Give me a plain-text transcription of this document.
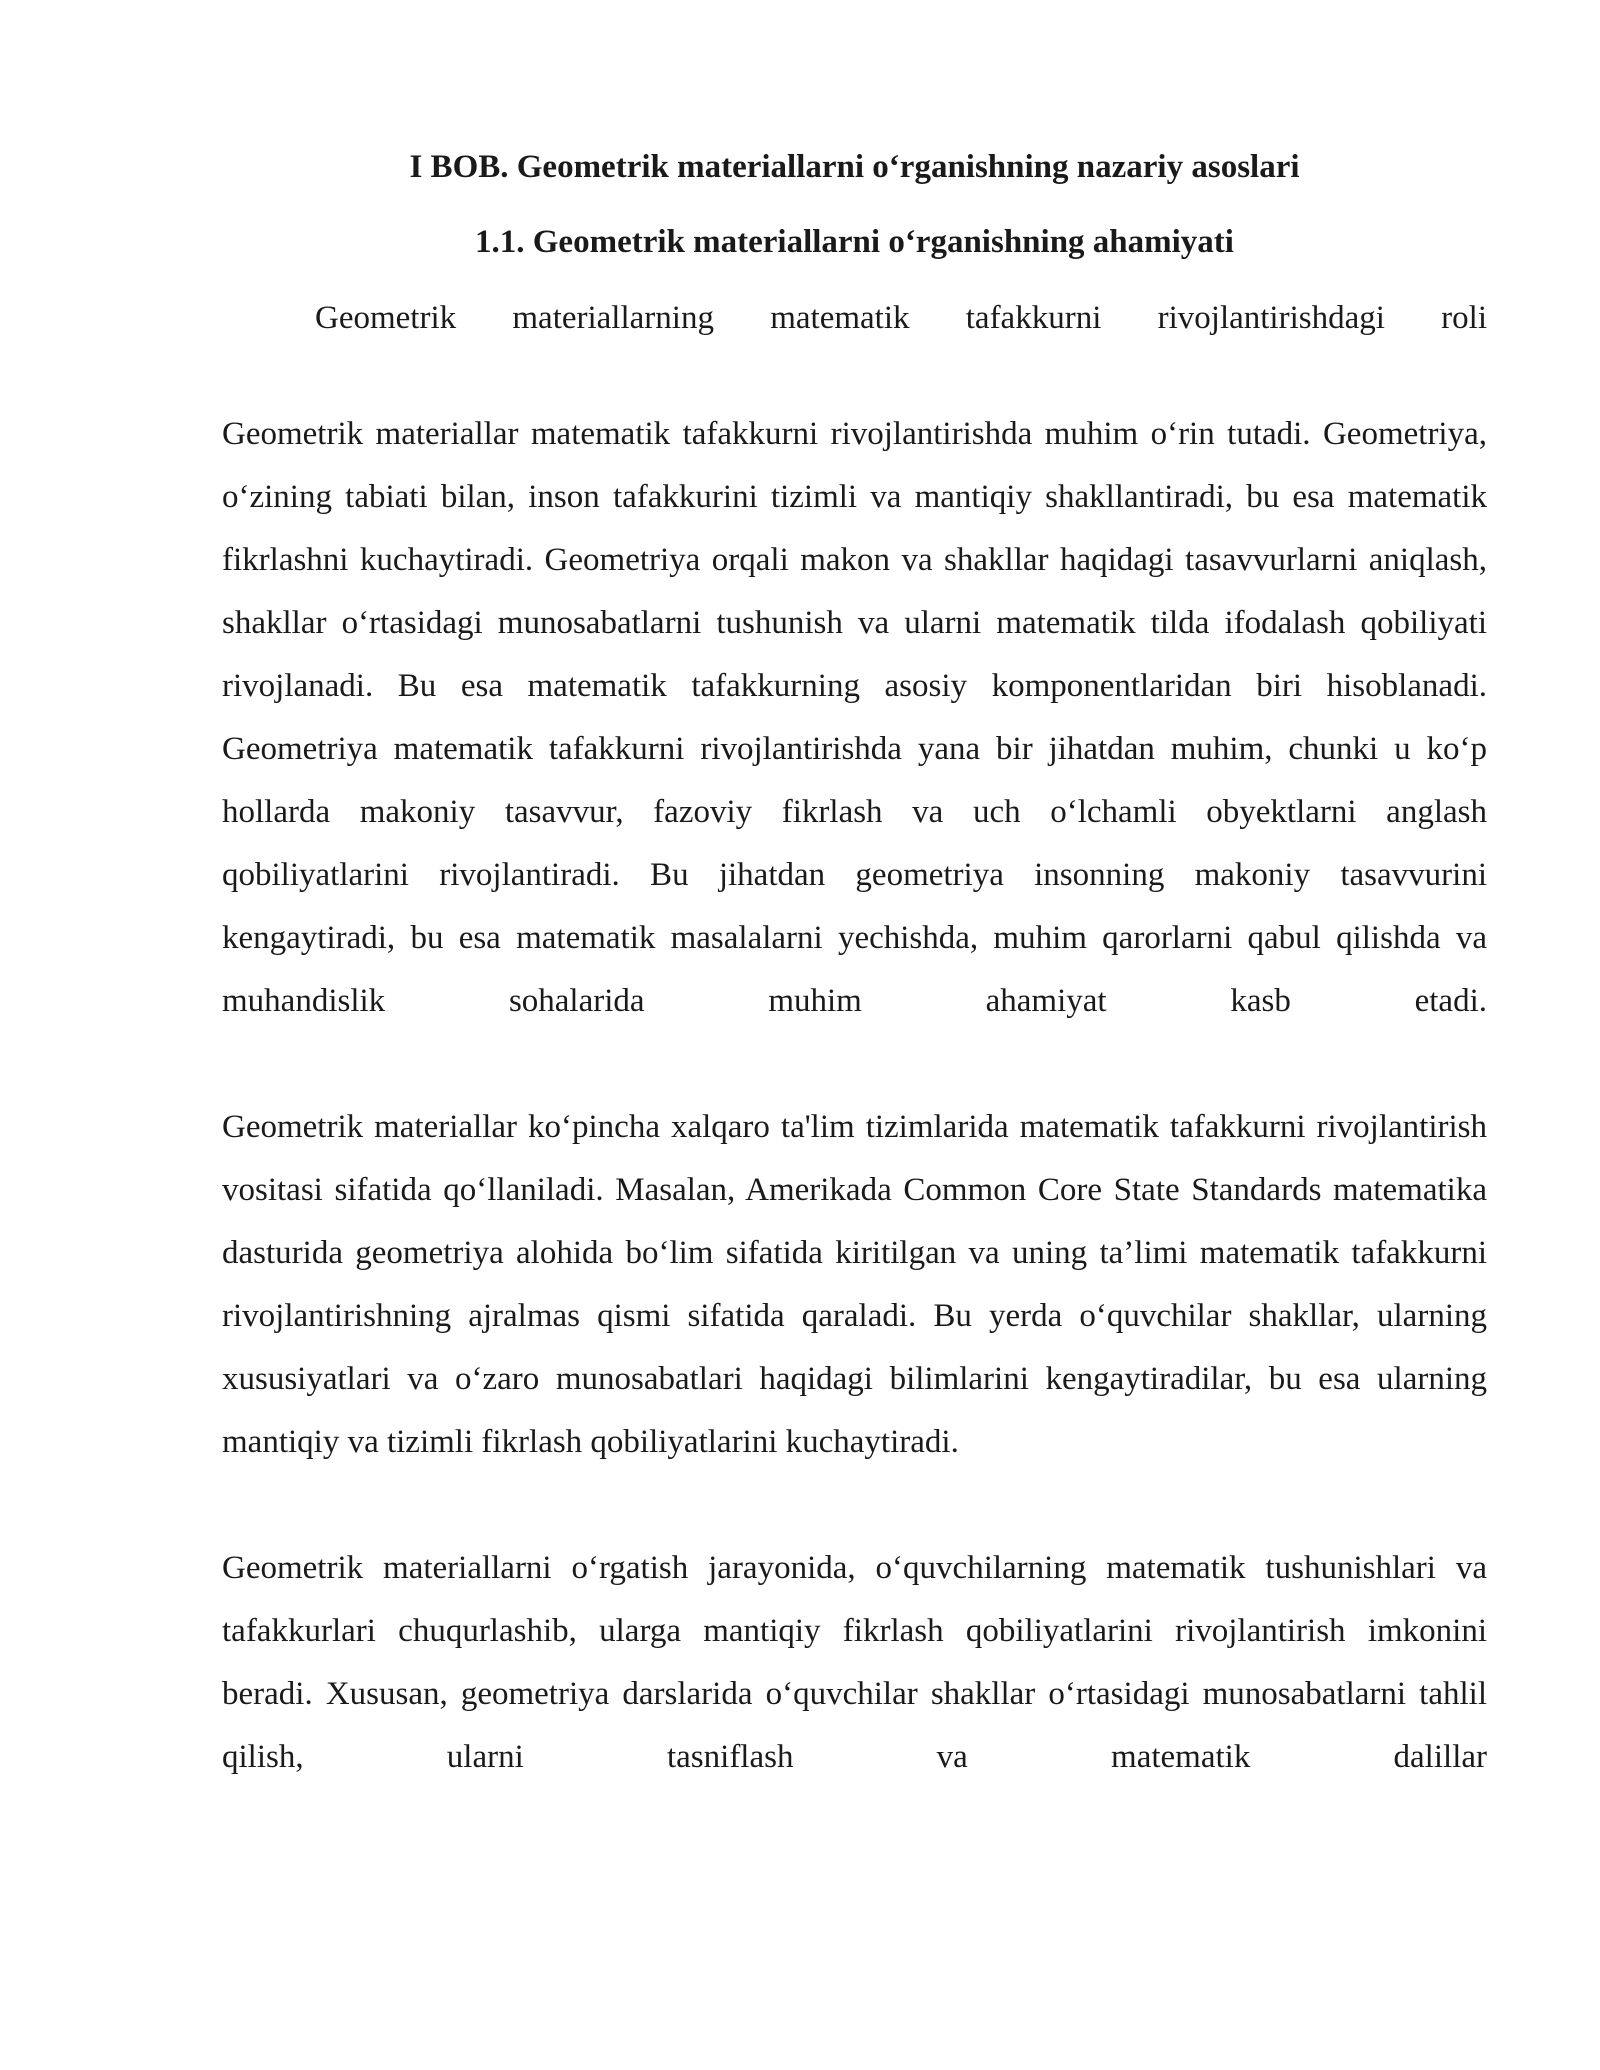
I BOB. Geometrik materiallarni o‘rganishning nazariy asoslari
1.1. Geometrik materiallarni o‘rganishning ahamiyati

Geometrik materiallarning matematik tafakkurni rivojlantirishdagi roli

Geometrik materiallar matematik tafakkurni rivojlantirishda muhim o‘rin tutadi. Geometriya, o‘zining tabiati bilan, inson tafakkurini tizimli va mantiqiy shakllantiradi, bu esa matematik fikrlashni kuchaytiradi. Geometriya orqali makon va shakllar haqidagi tasavvurlarni aniqlash, shakllar o‘rtasidagi munosabatlarni tushunish va ularni matematik tilda ifodalash qobiliyati rivojlanadi. Bu esa matematik tafakkurning asosiy komponentlaridan biri hisoblanadi. Geometriya matematik tafakkurni rivojlantirishda yana bir jihatdan muhim, chunki u ko‘p hollarda makoniy tasavvur, fazoviy fikrlash va uch o‘lchamli obyektlarni anglash qobiliyatlarini rivojlantiradi. Bu jihatdan geometriya insonning makoniy tasavvurini kengaytiradi, bu esa matematik masalalarni yechishda, muhim qarorlarni qabul qilishda va muhandislik sohalarida muhim ahamiyat kasb etadi.

Geometrik materiallar ko‘pincha xalqaro ta'lim tizimlarida matematik tafakkurni rivojlantirish vositasi sifatida qo‘llaniladi. Masalan, Amerikada Common Core State Standards matematika dasturida geometriya alohida bo‘lim sifatida kiritilgan va uning ta’limi matematik tafakkurni rivojlantirishning ajralmas qismi sifatida qaraladi. Bu yerda o‘quvchilar shakllar, ularning xususiyatlari va o‘zaro munosabatlari haqidagi bilimlarini kengaytiradilar, bu esa ularning mantiqiy va tizimli fikrlash qobiliyatlarini kuchaytiradi.

Geometrik materiallarni o‘rgatish jarayonida, o‘quvchilarning matematik tushunishlari va tafakkurlari chuqurlashib, ularga mantiqiy fikrlash qobiliyatlarini rivojlantirish imkonini beradi. Xususan, geometriya darslarida o‘quvchilar shakllar o‘rtasidagi munosabatlarni tahlil qilish, ularni tasniflash va matematik dalillar
